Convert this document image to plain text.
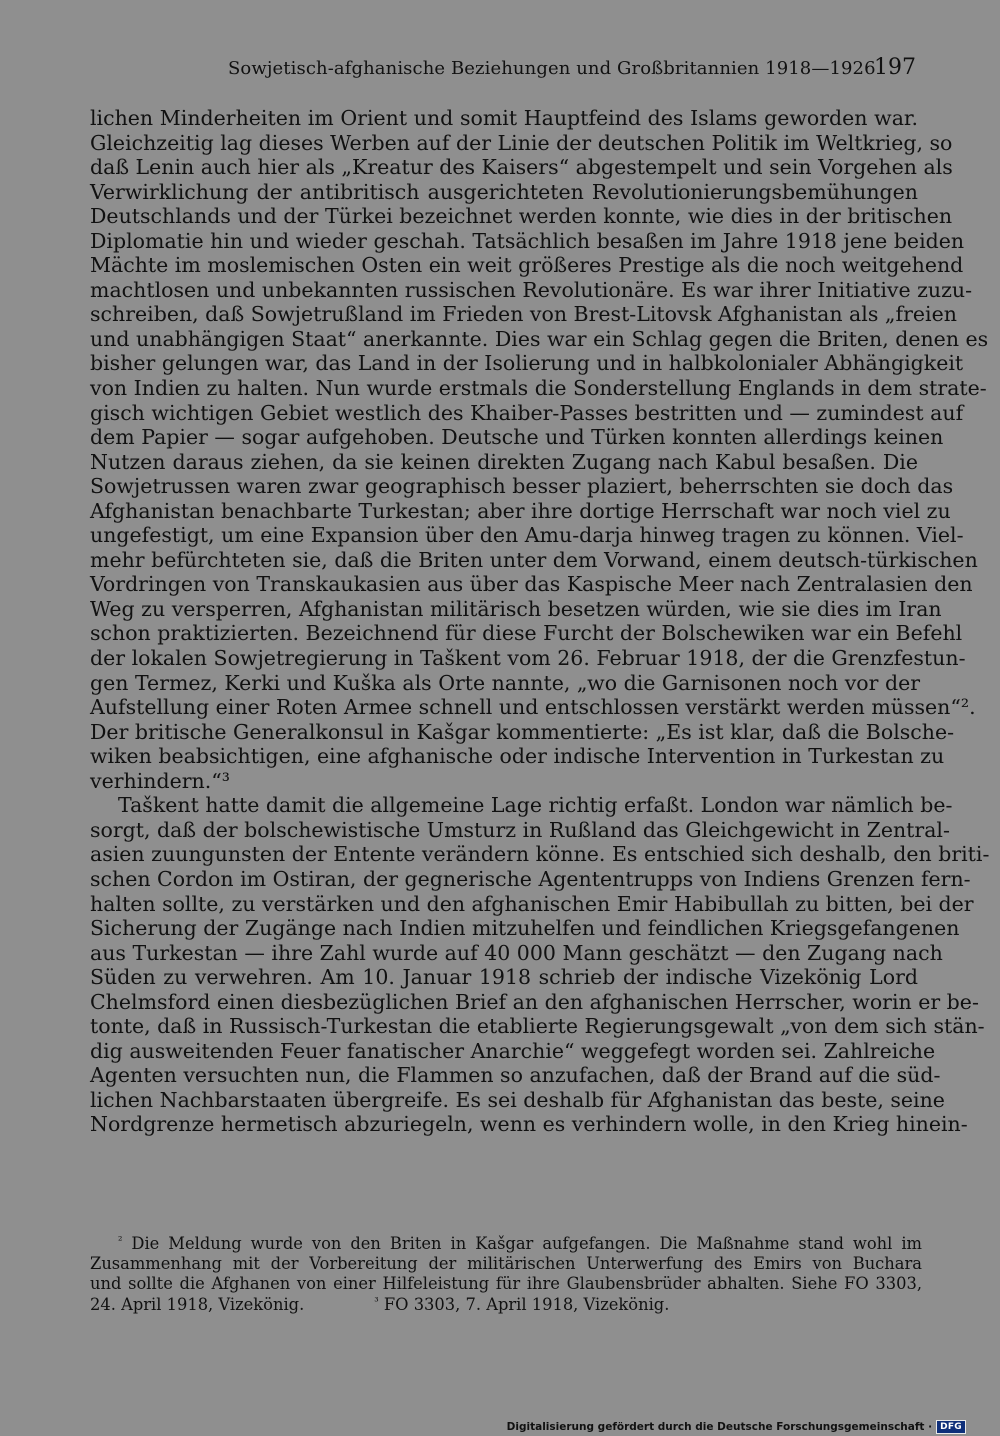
Sowjetisch-afghanische Beziehungen und Großbritannien 1918—1926
197
lichen Minderheiten im Orient und somit Hauptfeind des Islams geworden war.
Gleichzeitig lag dieses Werben auf der Linie der deutschen Politik im Weltkrieg, so
daß Lenin auch hier als „Kreatur des Kaisers“ abgestempelt und sein Vorgehen als
Verwirklichung der antibritisch ausgerichteten Revolutionierungsbemühungen
Deutschlands und der Türkei bezeichnet werden konnte, wie dies in der britischen
Diplomatie hin und wieder geschah. Tatsächlich besaßen im Jahre 1918 jene beiden
Mächte im moslemischen Osten ein weit größeres Prestige als die noch weitgehend
machtlosen und unbekannten russischen Revolutionäre. Es war ihrer Initiative zuzu-
schreiben, daß Sowjetrußland im Frieden von Brest-Litovsk Afghanistan als „freien
und unabhängigen Staat“ anerkannte. Dies war ein Schlag gegen die Briten, denen es
bisher gelungen war, das Land in der Isolierung und in halbkolonialer Abhängigkeit
von Indien zu halten. Nun wurde erstmals die Sonderstellung Englands in dem strate-
gisch wichtigen Gebiet westlich des Khaiber-Passes bestritten und — zumindest auf
dem Papier — sogar aufgehoben. Deutsche und Türken konnten allerdings keinen
Nutzen daraus ziehen, da sie keinen direkten Zugang nach Kabul besaßen. Die
Sowjetrussen waren zwar geographisch besser plaziert, beherrschten sie doch das
Afghanistan benachbarte Turkestan; aber ihre dortige Herrschaft war noch viel zu
ungefestigt, um eine Expansion über den Amu-darja hinweg tragen zu können. Viel-
mehr befürchteten sie, daß die Briten unter dem Vorwand, einem deutsch-türkischen
Vordringen von Transkaukasien aus über das Kaspische Meer nach Zentralasien den
Weg zu versperren, Afghanistan militärisch besetzen würden, wie sie dies im Iran
schon praktizierten. Bezeichnend für diese Furcht der Bolschewiken war ein Befehl
der lokalen Sowjetregierung in Taškent vom 26. Februar 1918, der die Grenzfestun-
gen Termez, Kerki und Kuška als Orte nannte, „wo die Garnisonen noch vor der
Aufstellung einer Roten Armee schnell und entschlossen verstärkt werden müssen“².
Der britische Generalkonsul in Kašgar kommentierte: „Es ist klar, daß die Bolsche-
wiken beabsichtigen, eine afghanische oder indische Intervention in Turkestan zu
verhindern.“³
Taškent hatte damit die allgemeine Lage richtig erfaßt. London war nämlich be-
sorgt, daß der bolschewistische Umsturz in Rußland das Gleichgewicht in Zentral-
asien zuungunsten der Entente verändern könne. Es entschied sich deshalb, den briti-
schen Cordon im Ostiran, der gegnerische Agententrupps von Indiens Grenzen fern-
halten sollte, zu verstärken und den afghanischen Emir Habibullah zu bitten, bei der
Sicherung der Zugänge nach Indien mitzuhelfen und feindlichen Kriegsgefangenen
aus Turkestan — ihre Zahl wurde auf 40 000 Mann geschätzt — den Zugang nach
Süden zu verwehren. Am 10. Januar 1918 schrieb der indische Vizekönig Lord
Chelmsford einen diesbezüglichen Brief an den afghanischen Herrscher, worin er be-
tonte, daß in Russisch-Turkestan die etablierte Regierungsgewalt „von dem sich stän-
dig ausweitenden Feuer fanatischer Anarchie“ weggefegt worden sei. Zahlreiche
Agenten versuchten nun, die Flammen so anzufachen, daß der Brand auf die süd-
lichen Nachbarstaaten übergreife. Es sei deshalb für Afghanistan das beste, seine
Nordgrenze hermetisch abzuriegeln, wenn es verhindern wolle, in den Krieg hinein-
$^{^2}$ Die Meldung wurde von den Briten in Kašgar aufgefangen. Die Maßnahme stand wohl im
Zusammenhang mit der Vorbereitung der militärischen Unterwerfung des Emirs von Buchara
und sollte die Afghanen von einer Hilfeleistung für ihre Glaubensbrüder abhalten. Siehe FO 3303,
24. April 1918, Vizekönig.	$^{^3}$ FO 3303, 7. April 1918, Vizekönig.
Digitalisierung gefördert durch die Deutsche Forschungsgemeinschaft · DFG
